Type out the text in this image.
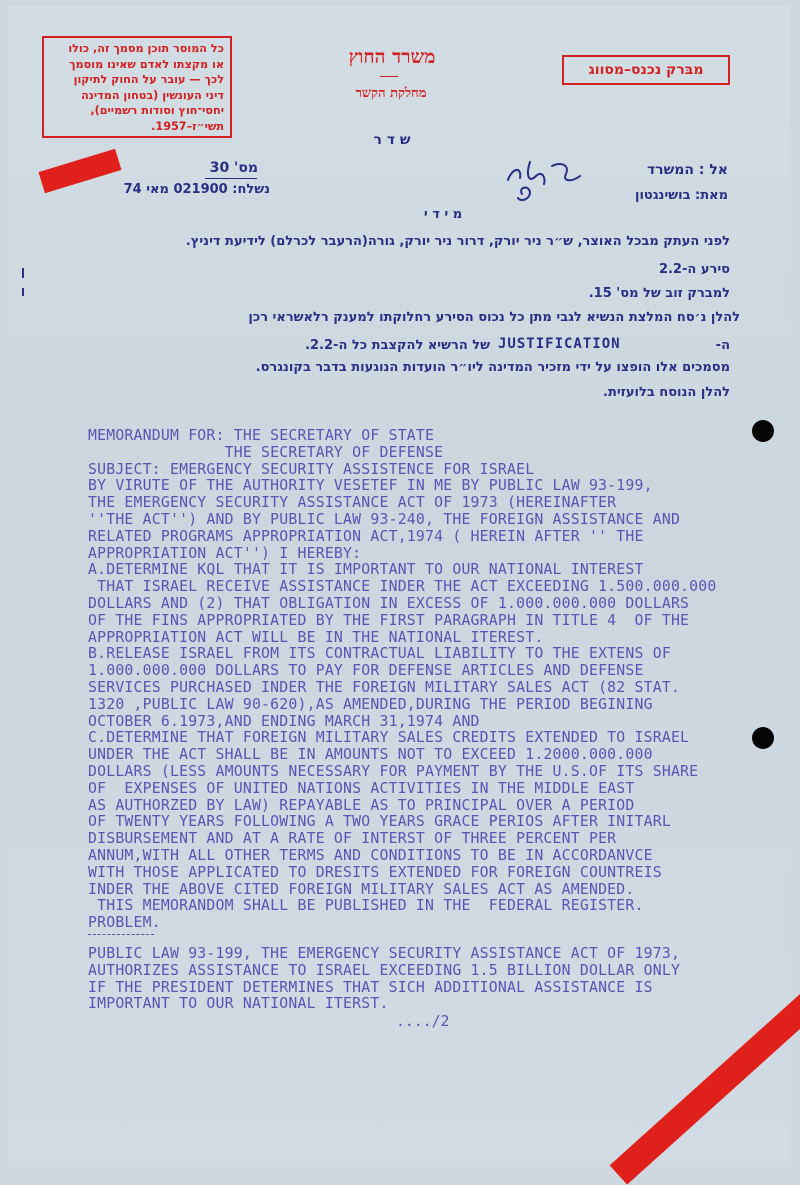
כל המוסר תוכן מסמך זה, כולו
או מקצתו לאדם שאינו מוסמך
לכך — עובר על החוק לתיקון
דיני העונשין (בטחון המדינה
יחסי־חוץ וסודות רשמיים),
תשי״ז–1957.
משרד החוץ
מחלקת הקשר
מבּרק נכנס–מסווג
ש ד ר
מס' 30
נשלח: 021900 מאי 74
אל : המשרד
מאת: בושינגטון
מ י ד י
לפני העתק מבכל האוצר, ש״ר ניר יורק, דרור ניר יורק, גורה(הרעבר לכרלם) לידיעת דיניץ.
סירע ה-2.2
למברק זוב של מס' 15.
להלן נ׳סח המלצת הנשיא לגבי מתן כל נכוס הסירע רחלוקתו למענק רלאשראי רכן
ה-
JUSTIFICATION
של הרשיא להקצבת כל ה-2.2.
מסמכים אלו הופצו על ידי מזכיר המדינה ליו״ר הועדות הנוגעות בדבר בקונגרס.
להלן הנוסח בלועזית.
MEMORANDUM FOR: THE SECRETARY OF STATE
THE SECRETARY OF DEFENSE
SUBJECT: EMERGENCY SECURITY ASSISTENCE FOR ISRAEL
BY VIRUTE OF THE AUTHORITY VESETEF IN ME BY PUBLIC LAW 93-199,
THE EMERGENCY SECURITY ASSISTANCE ACT OF 1973 (HEREINAFTER
''THE ACT'') AND BY PUBLIC LAW 93-240, THE FOREIGN ASSISTANCE AND
RELATED PROGRAMS APPROPRIATION ACT,1974 ( HEREIN AFTER '' THE
APPROPRIATION ACT'') I HEREBY:
A.DETERMINE KQL THAT IT IS IMPORTANT TO OUR NATIONAL INTEREST
THAT ISRAEL RECEIVE ASSISTANCE INDER THE ACT EXCEEDING 1.500.000.000
DOLLARS AND (2) THAT OBLIGATION IN EXCESS OF 1.000.000.000 DOLLARS
OF THE FINS APPROPRIATED BY THE FIRST PARAGRAPH IN TITLE 4  OF THE
APPROPRIATION ACT WILL BE IN THE NATIONAL ITEREST.
B.RELEASE ISRAEL FROM ITS CONTRACTUAL LIABILITY TO THE EXTENS OF
1.000.000.000 DOLLARS TO PAY FOR DEFENSE ARTICLES AND DEFENSE
SERVICES PURCHASED INDER THE FOREIGN MILITARY SALES ACT (82 STAT.
1320 ,PUBLIC LAW 90-620),AS AMENDED,DURING THE PERIOD BEGINING
OCTOBER 6.1973,AND ENDING MARCH 31,1974 AND
C.DETERMINE THAT FOREIGN MILITARY SALES CREDITS EXTENDED TO ISRAEL
UNDER THE ACT SHALL BE IN AMOUNTS NOT TO EXCEED 1.2000.000.000
DOLLARS (LESS AMOUNTS NECESSARY FOR PAYMENT BY THE U.S.OF ITS SHARE
OF  EXPENSES OF UNITED NATIONS ACTIVITIES IN THE MIDDLE EAST
AS AUTHORZED BY LAW) REPAYABLE AS TO PRINCIPAL OVER A PERIOD
OF TWENTY YEARS FOLLOWING A TWO YEARS GRACE PERIOS AFTER INITARL
DISBURSEMENT AND AT A RATE OF INTERST OF THREE PERCENT PER
ANNUM,WITH ALL OTHER TERMS AND CONDITIONS TO BE IN ACCORDANVCE
WITH THOSE APPLICATED TO DRESITS EXTENDED FOR FOREIGN COUNTREIS
INDER THE ABOVE CITED FOREIGN MILITARY SALES ACT AS AMENDED.
THIS MEMORANDOM SHALL BE PUBLISHED IN THE  FEDERAL REGISTER.
PROBLEM.
PUBLIC LAW 93-199, THE EMERGENCY SECURITY ASSISTANCE ACT OF 1973,
AUTHORIZES ASSISTANCE TO ISRAEL EXCEEDING 1.5 BILLION DOLLAR ONLY
IF THE PRESIDENT DETERMINES THAT SICH ADDITIONAL ASSISTANCE IS
IMPORTANT TO OUR NATIONAL ITERST.
..../2
